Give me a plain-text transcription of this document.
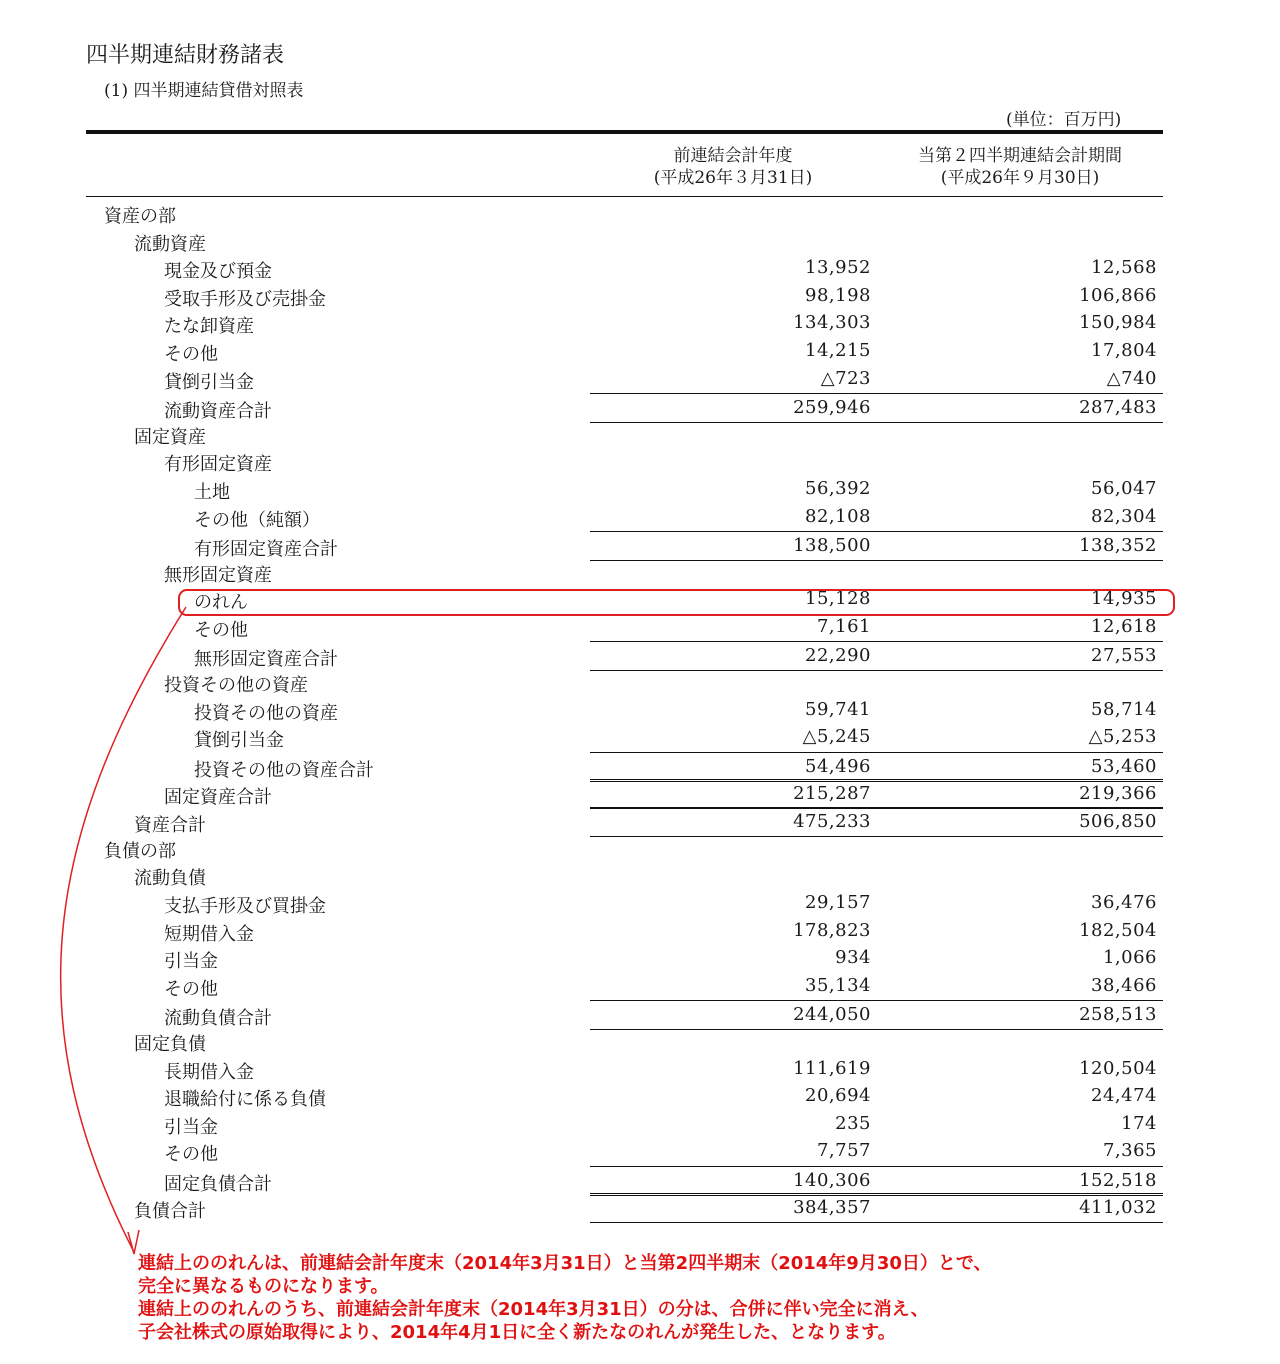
四半期連結財務諸表
(1) 四半期連結貸借対照表
(単位：百万円)
前連結会計年度
(平成26年３月31日)
当第２四半期連結会計期間
(平成26年９月30日)
資産の部
流動資産
現金及び預金	13,952	12,568
受取手形及び売掛金	98,198	106,866
たな卸資産	134,303	150,984
その他	14,215	17,804
貸倒引当金	△723	△740
流動資産合計	259,946	287,483
固定資産
有形固定資産
土地	56,392	56,047
その他（純額）	82,108	82,304
有形固定資産合計	138,500	138,352
無形固定資産
のれん	15,128	14,935
その他	7,161	12,618
無形固定資産合計	22,290	27,553
投資その他の資産
投資その他の資産	59,741	58,714
貸倒引当金	△5,245	△5,253
投資その他の資産合計	54,496	53,460
固定資産合計	215,287	219,366
資産合計	475,233	506,850
負債の部
流動負債
支払手形及び買掛金	29,157	36,476
短期借入金	178,823	182,504
引当金	934	1,066
その他	35,134	38,466
流動負債合計	244,050	258,513
固定負債
長期借入金	111,619	120,504
退職給付に係る負債	20,694	24,474
引当金	235	174
その他	7,757	7,365
固定負債合計	140,306	152,518
負債合計	384,357	411,032
連結上ののれんは、前連結会計年度末（2014年3月31日）と当第2四半期末（2014年9月30日）とで、
完全に異なるものになります。
連結上ののれんのうち、前連結会計年度末（2014年3月31日）の分は、合併に伴い完全に消え、
子会社株式の原始取得により、2014年4月1日に全く新たなのれんが発生した、となります。
